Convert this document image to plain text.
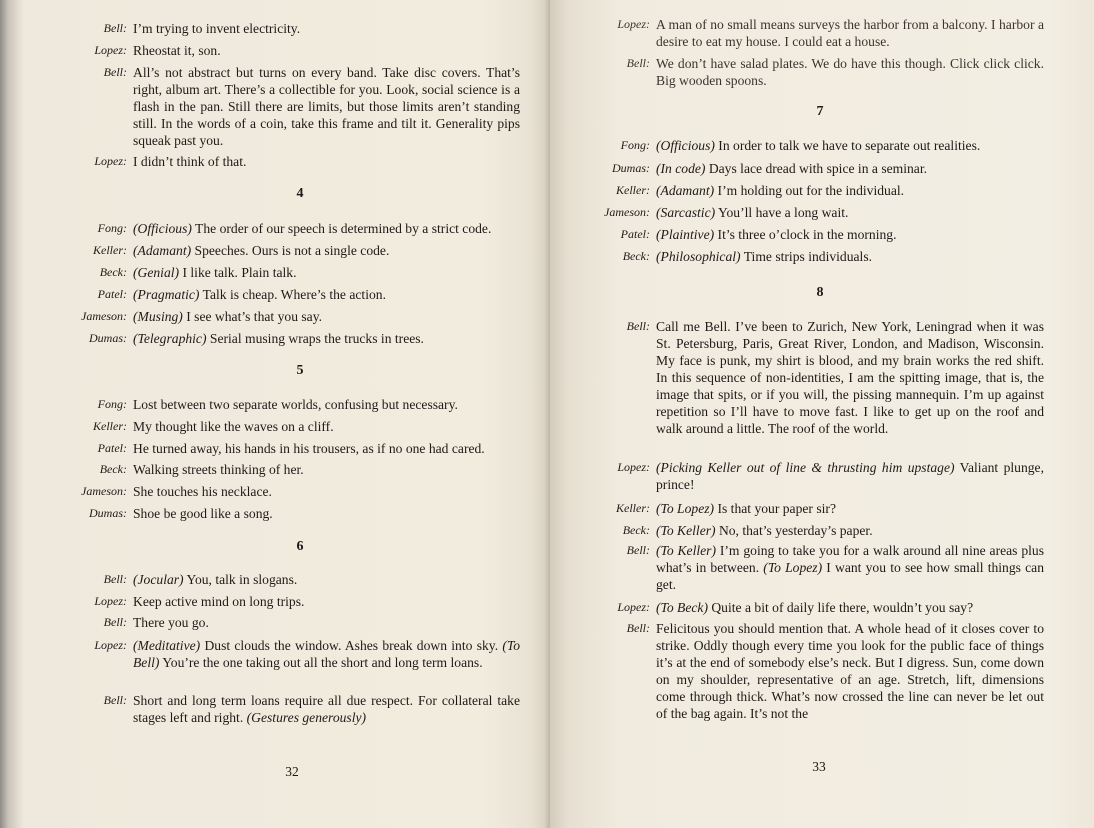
Bell: I’m trying to invent electricity.
Lopez: Rheostat it, son.
Bell: All’s not abstract but turns on every band. Take disc covers. That’s right, album art. There’s a collectible for you. Look, social science is a flash in the pan. Still there are limits, but those limits aren’t standing still. In the words of a coin, take this frame and tilt it. Generality pips squeak past you.
Lopez: I didn’t think of that.
4
Fong: (Officious) The order of our speech is determined by a strict code.
Keller: (Adamant) Speeches. Ours is not a single code.
Beck: (Genial) I like talk. Plain talk.
Patel: (Pragmatic) Talk is cheap. Where’s the action.
Jameson: (Musing) I see what’s that you say.
Dumas: (Telegraphic) Serial musing wraps the trucks in trees.
5
Fong: Lost between two separate worlds, confusing but necessary.
Keller: My thought like the waves on a cliff.
Patel: He turned away, his hands in his trousers, as if no one had cared.
Beck: Walking streets thinking of her.
Jameson: She touches his necklace.
Dumas: Shoe be good like a song.
6
Bell: (Jocular) You, talk in slogans.
Lopez: Keep active mind on long trips.
Bell: There you go.
Lopez: (Meditative) Dust clouds the window. Ashes break down into sky. (To Bell) You’re the one taking out all the short and long term loans.
Bell: Short and long term loans require all due respect. For collateral take stages left and right. (Gestures generously)
32
Lopez: A man of no small means surveys the harbor from a balcony. I harbor a desire to eat my house. I could eat a house.
Bell: We don’t have salad plates. We do have this though. Click click click. Big wooden spoons.
7
Fong: (Officious) In order to talk we have to separate out realities.
Dumas: (In code) Days lace dread with spice in a seminar.
Keller: (Adamant) I’m holding out for the individual.
Jameson: (Sarcastic) You’ll have a long wait.
Patel: (Plaintive) It’s three o’clock in the morning.
Beck: (Philosophical) Time strips individuals.
8
Bell: Call me Bell. I’ve been to Zurich, New York, Leningrad when it was St. Petersburg, Paris, Great River, London, and Madison, Wisconsin. My face is punk, my shirt is blood, and my brain works the red shift. In this sequence of non-identities, I am the spitting image, that is, the image that spits, or if you will, the pissing mannequin. I’m up against repetition so I’ll have to move fast. I like to get up on the roof and walk around a little. The roof of the world.
Lopez: (Picking Keller out of line & thrusting him upstage) Valiant plunge, prince!
Keller: (To Lopez) Is that your paper sir?
Beck: (To Keller) No, that’s yesterday’s paper.
Bell: (To Keller) I’m going to take you for a walk around all nine areas plus what’s in between. (To Lopez) I want you to see how small things can get.
Lopez: (To Beck) Quite a bit of daily life there, wouldn’t you say?
Bell: Felicitous you should mention that. A whole head of it closes cover to strike. Oddly though every time you look for the public face of things it’s at the end of somebody else’s neck. But I digress. Sun, come down on my shoulder, representative of an age. Stretch, lift, dimensions come through thick. What’s now crossed the line can never be let out of the bag again. It’s not the
33
